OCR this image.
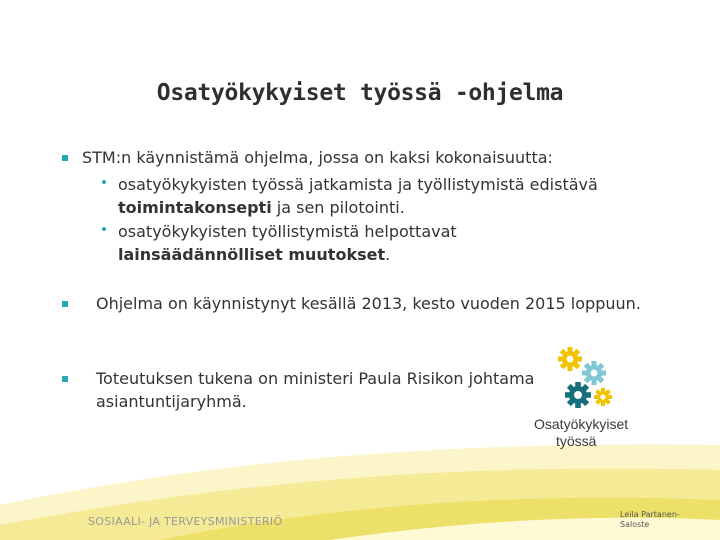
Osatyökykyiset työssä -ohjelma
STM:n käynnistämä ohjelma, jossa on kaksi kokonaisuutta:
osatyökykyisten työssä jatkamista ja työllistymistä edistävä
toimintakonsepti ja sen pilotointi.
osatyökykyisten työllistymistä helpottavat
lainsäädännölliset muutokset.
Ohjelma on käynnistynyt kesällä 2013, kesto vuoden 2015 loppuun.
Toteutuksen tukena on ministeri Paula Risikon johtama asiantuntijaryhmä.
Osatyökykyiset
työssä
SOSIAALI- JA TERVEYSMINISTERIÖ
Leila Partanen-
Saloste
